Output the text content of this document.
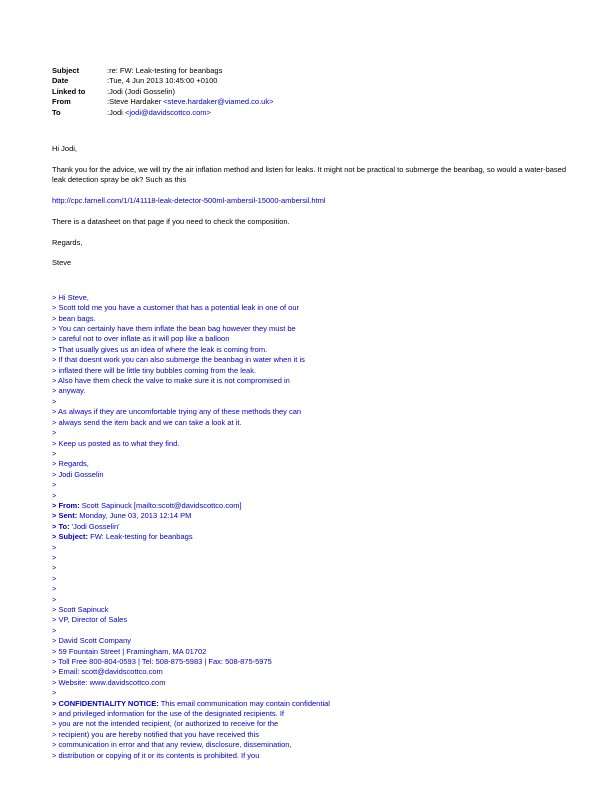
Subject	:re: FW: Leak-testing for beanbags
Date	:Tue, 4 Jun 2013 10:45:00 +0100
Linked to	:Jodi (Jodi Gosselin)
From	:Steve Hardaker <steve.hardaker@viamed.co.uk>
To	:Jodi <jodi@davidscottco.com>
Hi Jodi,
Thank you for the advice, we will try the air inflation method and listen for leaks. It might not be practical to submerge the beanbag, so would a water-based leak detection spray be ok? Such as this
http://cpc.farnell.com/1/1/41118-leak-detector-500ml-ambersil-15000-ambersil.html
There is a datasheet on that page if you need to check the composition.
Regards,
Steve
> Hi Steve,
> Scott told me you have a customer that has a potential leak in one of our
> bean bags.
> You can certainly have them inflate the bean bag however they must be
> careful not to over inflate as it will pop like a balloon
> That usually gives us an idea of where the leak is coming from.
> If that doesnt work you can also submerge the beanbag in water when it is
> inflated there will be little tiny bubbles coming from the leak.
> Also have them check the valve to make sure it is not compromised in
> anyway.
>
> As always if they are uncomfortable trying any of these methods they can
> always send the item back and we can take a look at it.
>
> Keep us posted as to what they find.
>
> Regards,
> Jodi Gosselin
>
>
> From: Scott Sapinuck [mailto:scott@davidscottco.com]
> Sent: Monday, June 03, 2013 12:14 PM
> To: 'Jodi Gosselin'
> Subject: FW: Leak-testing for beanbags
>
>
>
>
>
>
> Scott Sapinuck
> VP, Director of Sales
>
> David Scott Company
> 59 Fountain Street | Framingham, MA 01702
> Toll Free 800-804-0593 | Tel: 508-875-5983 | Fax: 508-875-5975
> Email: scott@davidscottco.com
> Website: www.davidscottco.com
>
> CONFIDENTIALITY NOTICE: This email communication may contain confidential
> and privileged information for the use of the designated recipients. If
> you are not the intended recipient, (or authorized to receive for the
> recipient) you are hereby notified that you have received this
> communication in error and that any review, disclosure, dissemination,
> distribution or copying of it or its contents is prohibited. If you
